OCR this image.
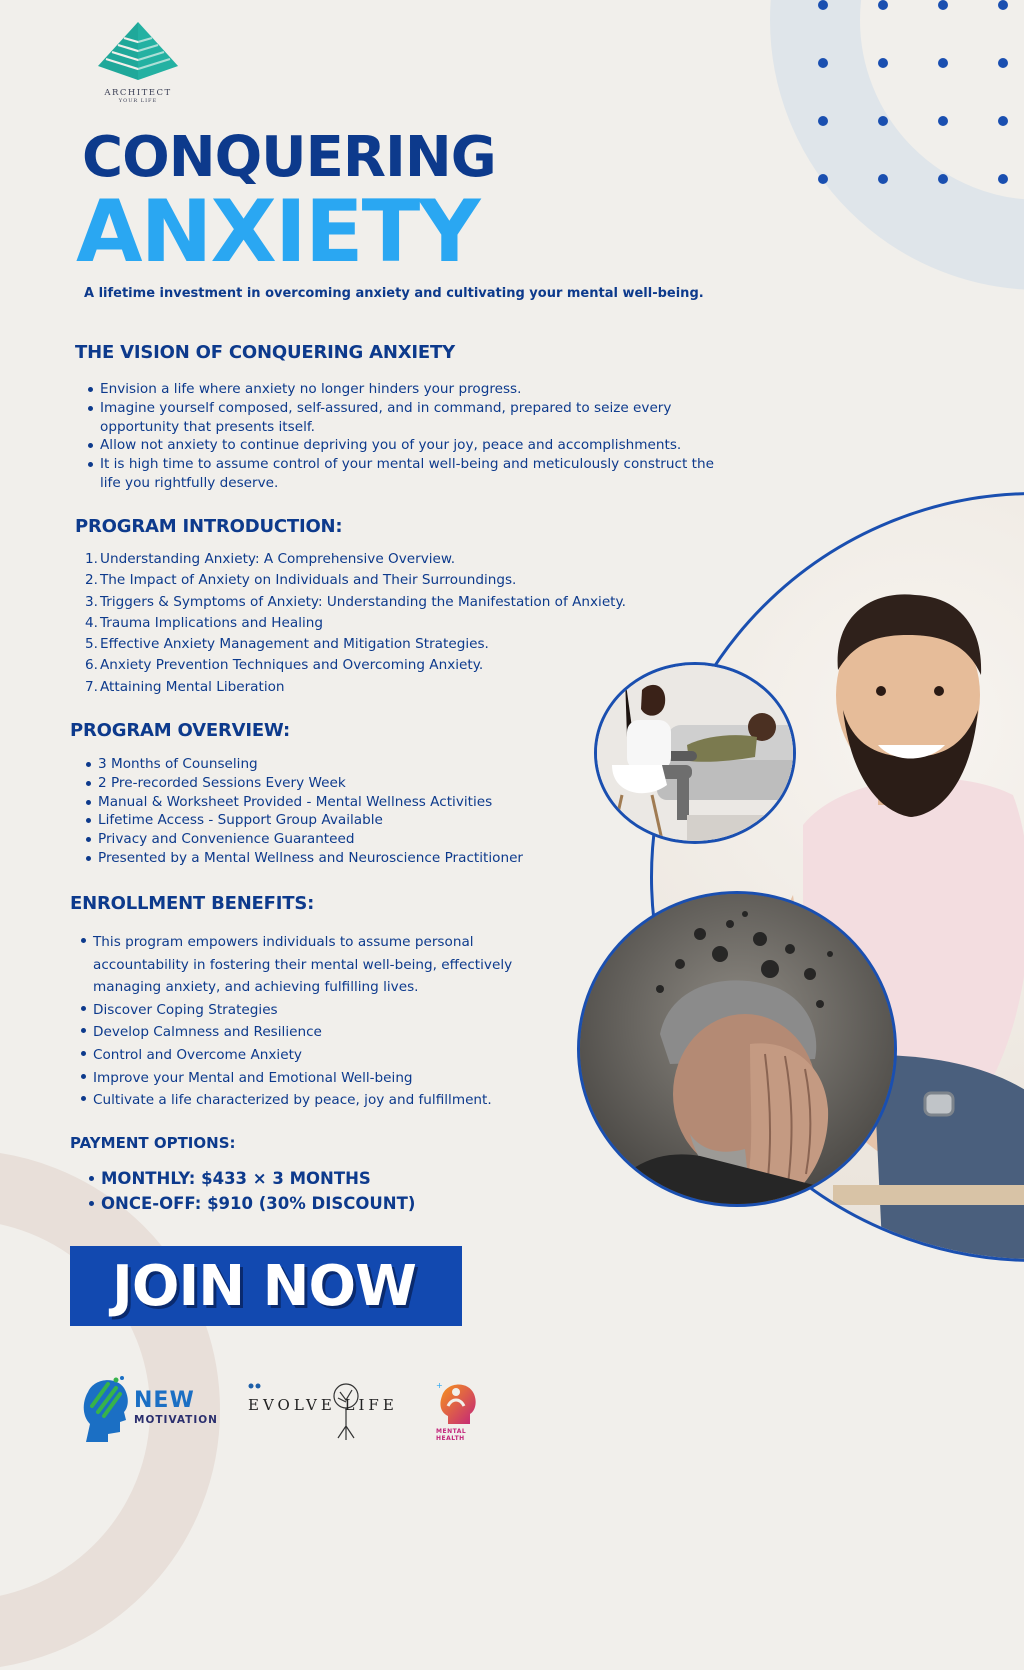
ARCHITECT
YOUR LIFE
CONQUERING
ANXIETY
A lifetime investment in overcoming anxiety and cultivating your mental well-being.
THE VISION OF CONQUERING ANXIETY
Envision a life where anxiety no longer hinders your progress.
Imagine yourself composed, self-assured, and in command, prepared to seize every opportunity that presents itself.
Allow not anxiety to continue depriving you of your joy, peace and accomplishments.
It is high time to assume control of your mental well-being and meticulously construct the life you rightfully deserve.
PROGRAM INTRODUCTION:
1. Understanding Anxiety: A Comprehensive Overview.
2. The Impact of Anxiety on Individuals and Their Surroundings.
3. Triggers & Symptoms of Anxiety: Understanding the Manifestation of Anxiety.
4. Trauma Implications and Healing
5. Effective Anxiety Management and Mitigation Strategies.
6. Anxiety Prevention Techniques and Overcoming Anxiety.
7. Attaining Mental Liberation
PROGRAM OVERVIEW:
3 Months of Counseling
2 Pre-recorded Sessions Every Week
Manual & Worksheet Provided - Mental Wellness Activities
Lifetime Access - Support Group Available
Privacy and Convenience Guaranteed
Presented by a Mental Wellness and Neuroscience Practitioner
ENROLLMENT BENEFITS:
This program empowers individuals to assume personal accountability in fostering their mental well-being, effectively managing anxiety, and achieving fulfilling lives.
Discover Coping Strategies
Develop Calmness and Resilience
Control and Overcome Anxiety
Improve your Mental and Emotional Well-being
Cultivate a life characterized by peace, joy and fulfillment.
PAYMENT OPTIONS:
MONTHLY: $433 × 3 MONTHS
ONCE-OFF: $910 (30% DISCOUNT)
JOIN NOW
NEW
MOTIVATION
EVOLVE LIFE
+
MENTAL HEALTH
